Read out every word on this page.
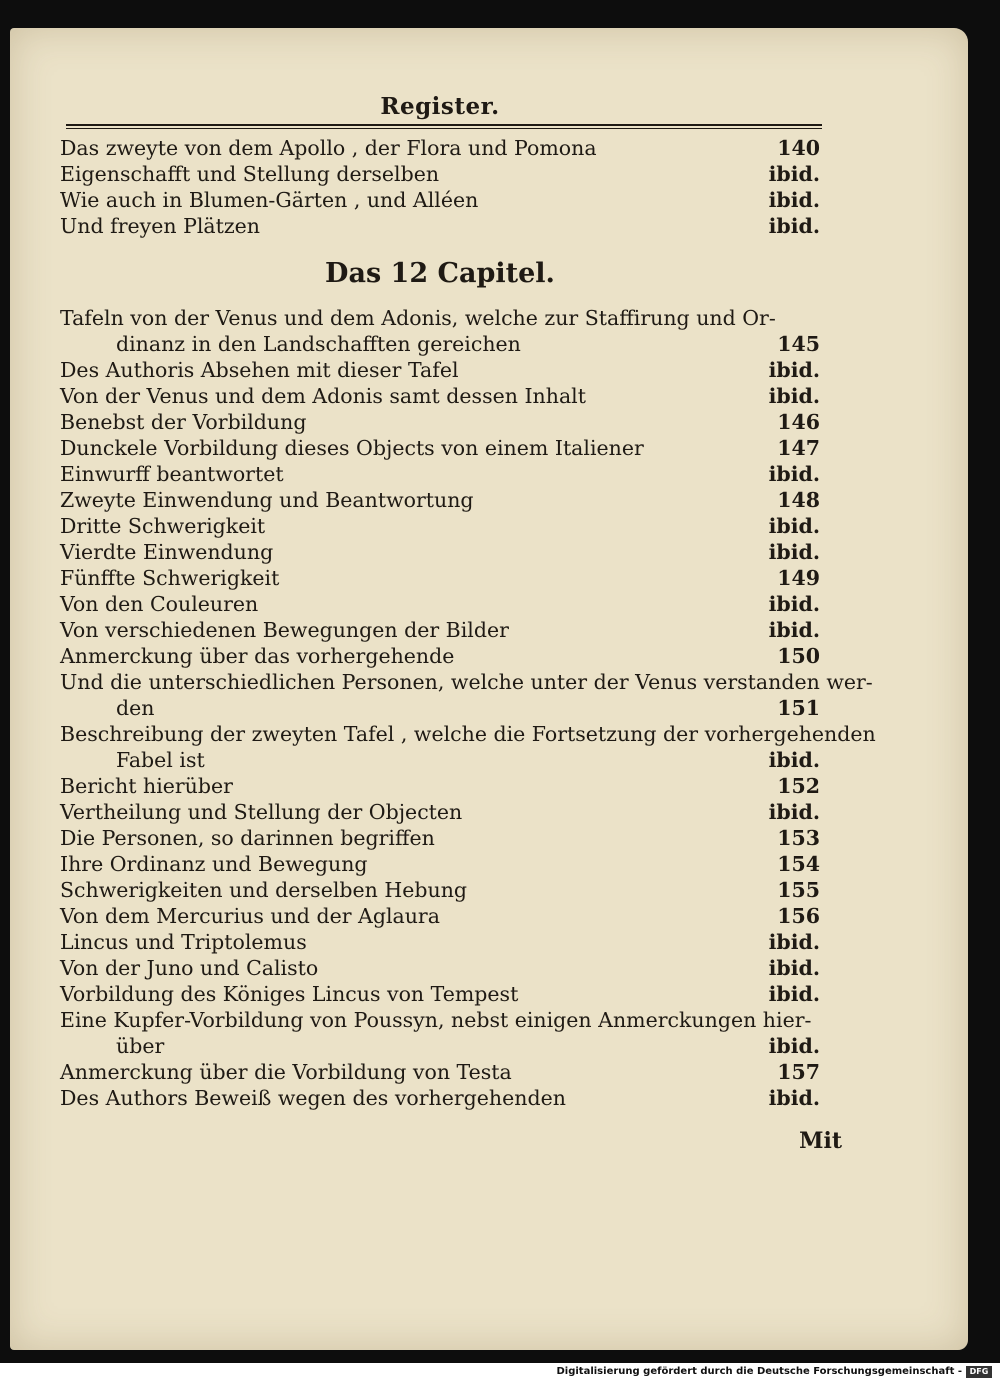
Register.
Das zweyte von dem Apollo , der Flora und Pomona	140
Eigenschafft und Stellung derselben	ibid.
Wie auch in Blumen-Gärten , und Alléen	ibid.
Und freyen Plätzen	ibid.
Das 12 Capitel.
Tafeln von der Venus und dem Adonis, welche zur Staffirung und Or-
dinanz in den Landschafften gereichen	145
Des Authoris Absehen mit dieser Tafel	ibid.
Von der Venus und dem Adonis samt dessen Inhalt	ibid.
Benebst der Vorbildung	146
Dunckele Vorbildung dieses Objects von einem Italiener	147
Einwurff beantwortet	ibid.
Zweyte Einwendung und Beantwortung	148
Dritte Schwerigkeit	ibid.
Vierdte Einwendung	ibid.
Fünffte Schwerigkeit	149
Von den Couleuren	ibid.
Von verschiedenen Bewegungen der Bilder	ibid.
Anmerckung über das vorhergehende	150
Und die unterschiedlichen Personen, welche unter der Venus verstanden wer-
den	151
Beschreibung der zweyten Tafel , welche die Fortsetzung der vorhergehenden
Fabel ist	ibid.
Bericht hierüber	152
Vertheilung und Stellung der Objecten	ibid.
Die Personen, so darinnen begriffen	153
Ihre Ordinanz und Bewegung	154
Schwerigkeiten und derselben Hebung	155
Von dem Mercurius und der Aglaura	156
Lincus und Triptolemus	ibid.
Von der Juno und Calisto	ibid.
Vorbildung des Königes Lincus von Tempest	ibid.
Eine Kupfer-Vorbildung von Poussyn, nebst einigen Anmerckungen hier-
über	ibid.
Anmerckung über die Vorbildung von Testa	157
Des Authors Beweiß wegen des vorhergehenden	ibid.
Mit
Digitalisierung gefördert durch die Deutsche Forschungsgemeinschaft - DFG
